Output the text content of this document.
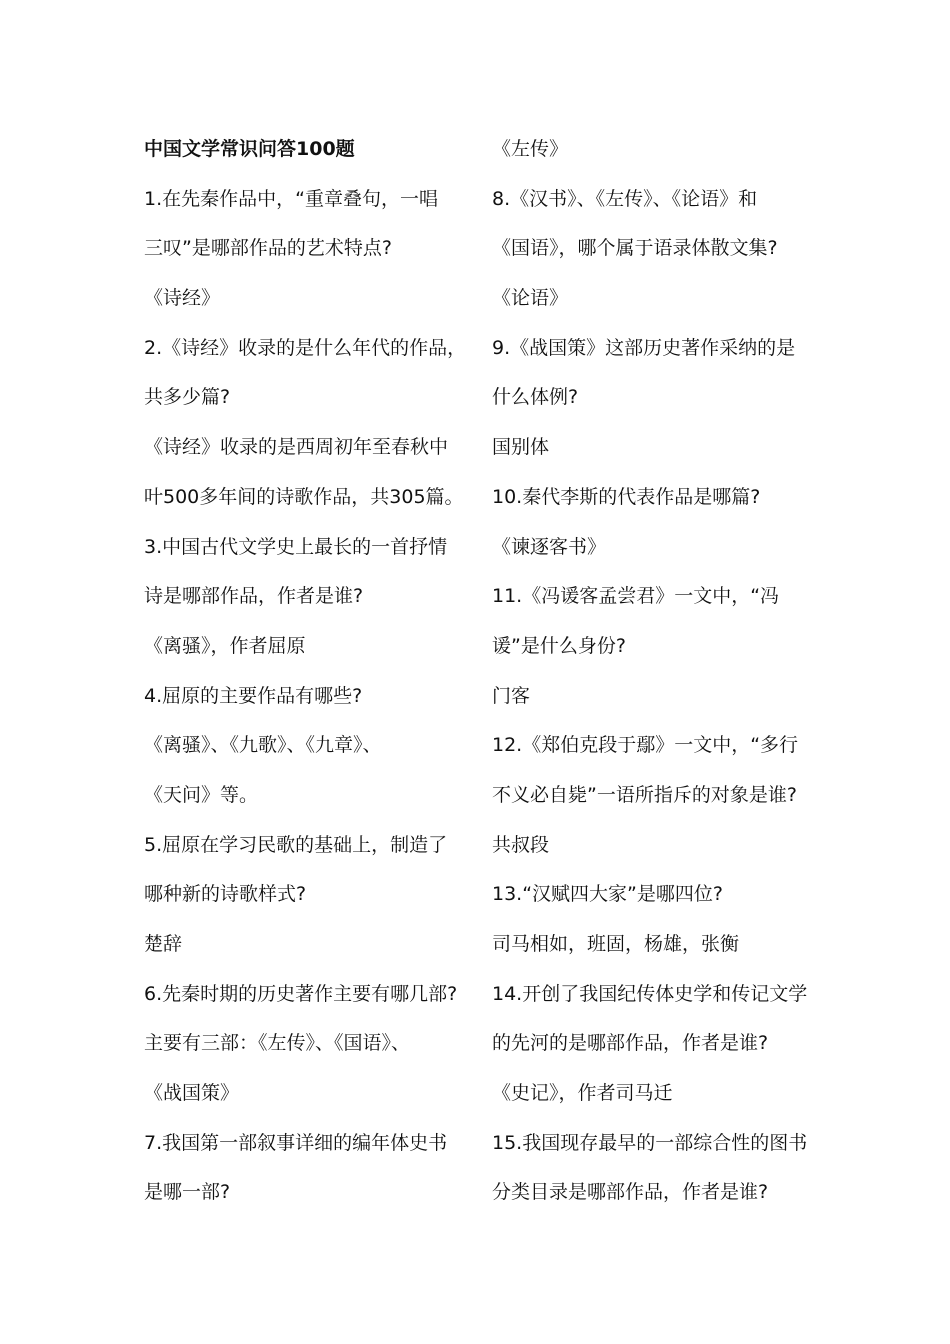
中国文学常识问答100题
1.在先秦作品中，“重章叠句，一唱
三叹”是哪部作品的艺术特点?
《诗经》
2.《诗经》收录的是什么年代的作品，
共多少篇?
《诗经》收录的是西周初年至春秋中
叶500多年间的诗歌作品，共305篇。
3.中国古代文学史上最长的一首抒情
诗是哪部作品，作者是谁?
《离骚》，作者屈原
4.屈原的主要作品有哪些?
《离骚》、《九歌》、《九章》、
《天问》等。
5.屈原在学习民歌的基础上，制造了
哪种新的诗歌样式?
楚辞
6.先秦时期的历史著作主要有哪几部?
主要有三部：《左传》、《国语》、
《战国策》
7.我国第一部叙事详细的编年体史书
是哪一部?
《左传》
8.《汉书》、《左传》、《论语》和
《国语》，哪个属于语录体散文集?
《论语》
9.《战国策》这部历史著作采纳的是
什么体例?
国别体
10.秦代李斯的代表作品是哪篇?
《谏逐客书》
11.《冯谖客孟尝君》一文中，“冯
谖”是什么身份?
门客
12.《郑伯克段于鄢》一文中，“多行
不义必自毙”一语所指斥的对象是谁?
共叔段
13.“汉赋四大家”是哪四位?
司马相如，班固，杨雄，张衡
14.开创了我国纪传体史学和传记文学
的先河的是哪部作品，作者是谁?
《史记》，作者司马迁
15.我国现存最早的一部综合性的图书
分类目录是哪部作品，作者是谁?
